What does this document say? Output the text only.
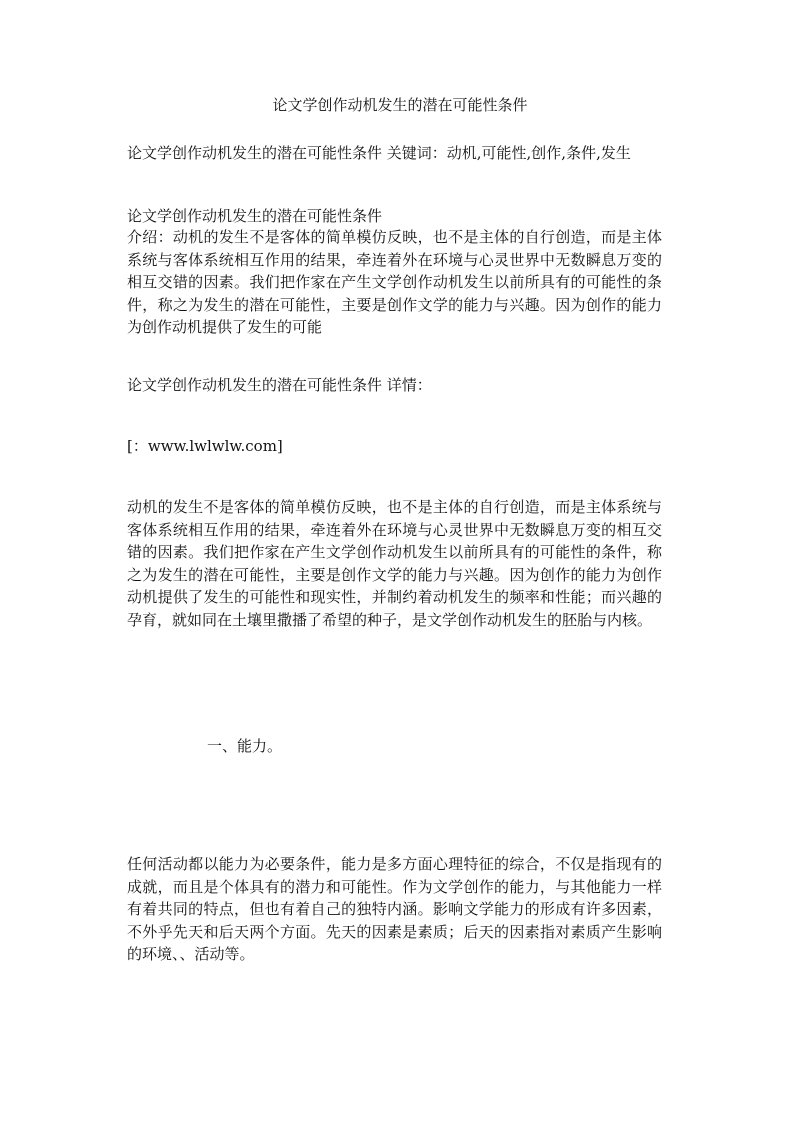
论文学创作动机发生的潜在可能性条件
论文学创作动机发生的潜在可能性条件 关键词：动机,可能性,创作,条件,发生
论文学创作动机发生的潜在可能性条件
介绍：动机的发生不是客体的简单模仿反映，也不是主体的自行创造，而是主体系统与客体系统相互作用的结果，牵连着外在环境与心灵世界中无数瞬息万变的相互交错的因素。我们把作家在产生文学创作动机发生以前所具有的可能性的条件，称之为发生的潜在可能性，主要是创作文学的能力与兴趣。因为创作的能力为创作动机提供了发生的可能
论文学创作动机发生的潜在可能性条件 详情：
[：www.lwlwlw.com]
动机的发生不是客体的简单模仿反映，也不是主体的自行创造，而是主体系统与客体系统相互作用的结果，牵连着外在环境与心灵世界中无数瞬息万变的相互交错的因素。我们把作家在产生文学创作动机发生以前所具有的可能性的条件，称之为发生的潜在可能性，主要是创作文学的能力与兴趣。因为创作的能力为创作动机提供了发生的可能性和现实性，并制约着动机发生的频率和性能；而兴趣的孕育，就如同在土壤里撒播了希望的种子，是文学创作动机发生的胚胎与内核。
一、能力。
任何活动都以能力为必要条件，能力是多方面心理特征的综合，不仅是指现有的成就，而且是个体具有的潜力和可能性。作为文学创作的能力，与其他能力一样有着共同的特点，但也有着自己的独特内涵。影响文学能力的形成有许多因素，不外乎先天和后天两个方面。先天的因素是素质；后天的因素指对素质产生影响的环境、、活动等。
